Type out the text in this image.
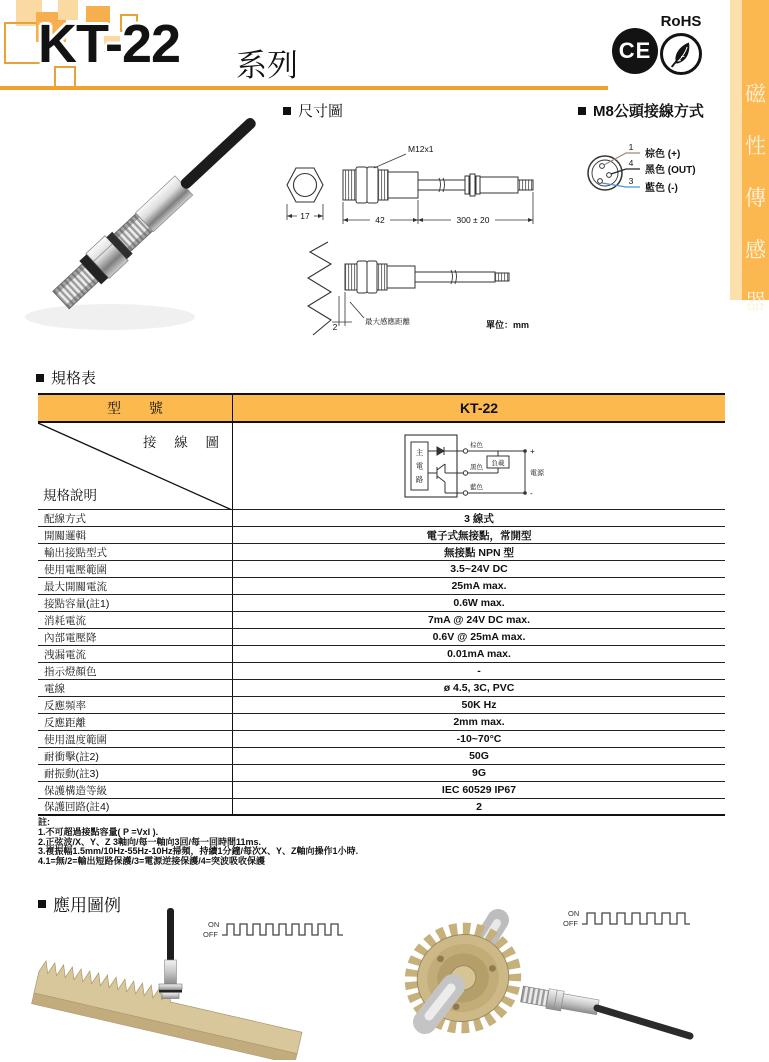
KT-22 系列	CE
RoHS
磁
性
傳
感
器
尺寸圖	M8公頭接線方式
17
M12x1
42	300 ± 20
2
最大感應距離	單位：mm
1
4
3
棕色 (+)
黑色 (OUT)
藍色 (-)
規格表
型 號	KT-22
接 線 圖
規格說明
主電路
棕色
黑色
藍色
負載
電源
+
-
配線方式	3 線式
開關邏輯	電子式無接點，常開型
輸出接點型式	無接點 NPN 型
使用電壓範圍	3.5~24V DC
最大開關電流	25mA max.
接點容量(註1)	0.6W max.
消耗電流	7mA @ 24V DC max.
內部電壓降	0.6V @ 25mA max.
洩漏電流	0.01mA max.
指示燈顏色	-
電線	ø 4.5, 3C, PVC
反應頻率	50K Hz
反應距離	2mm max.
使用溫度範圍	-10~70°C
耐衝擊(註2)	50G
耐振動(註3)	9G
保護構造等級	IEC 60529 IP67
保護回路(註4)	2
註:
1.不可超過接點容量( P =VxI ).
2.正弦波/X、Y、Z 3軸向/每一軸向3回/每一回時間11ms.
3.複振幅1.5mm/10Hz-55Hz-10Hz掃頻，持續1分鐘/每次X、Y、Z軸向操作1小時.
4.1=無/2=輸出短路保護/3=電源逆接保護/4=突波吸收保護
應用圖例
ON
OFF
ON
OFF
